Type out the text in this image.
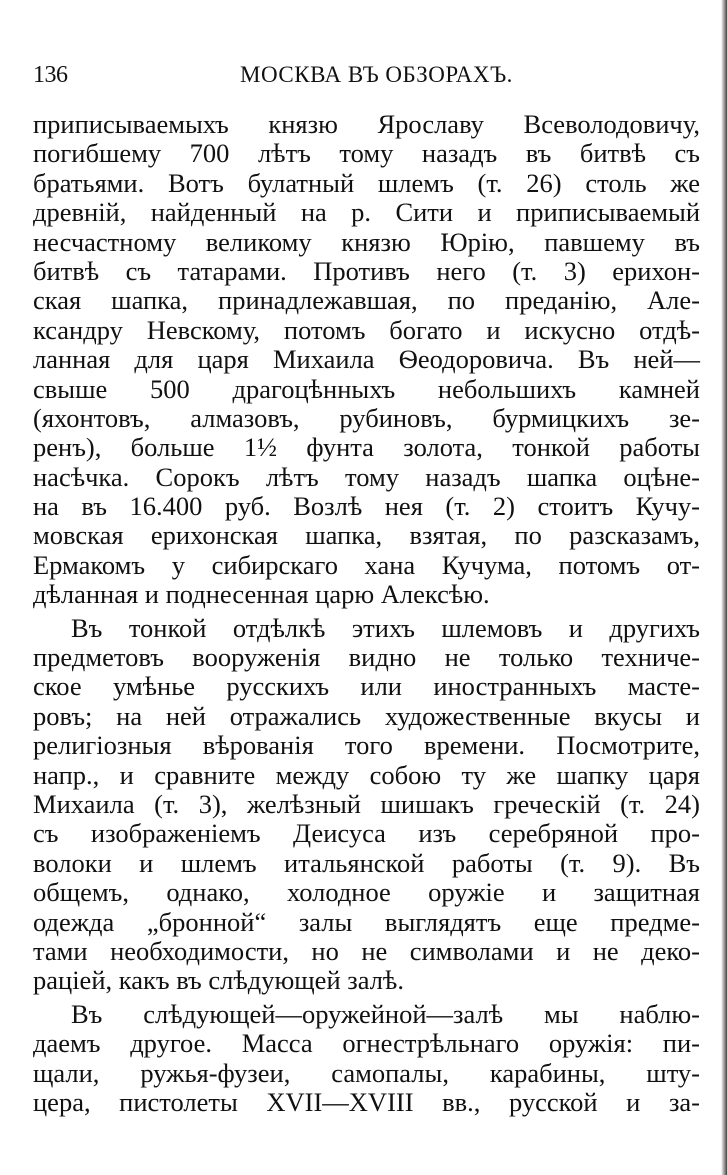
136	МОСКВА ВЪ ОБЗОРАХЪ.
приписываемыхъ князю Ярославу Всеволодовичу,
погибшему 700 лѣтъ тому назадъ въ битвѣ съ
братьями. Вотъ булатный шлемъ (т. 26) столь же
древній, найденный на р. Сити и приписываемый
несчастному великому князю Юрію, павшему въ
битвѣ съ татарами. Противъ него (т. 3) ерихон-
ская шапка, принадлежавшая, по преданію, Але-
ксандру Невскому, потомъ богато и искусно отдѣ-
ланная для царя Михаила Ѳеодоровича. Въ ней—
свыше 500 драгоцѣнныхъ небольшихъ камней
(яхонтовъ, алмазовъ, рубиновъ, бурмицкихъ зе-
ренъ), больше 1½ фунта золота, тонкой работы
насѣчка. Сорокъ лѣтъ тому назадъ шапка оцѣне-
на въ 16.400 руб. Возлѣ нея (т. 2) стоитъ Кучу-
мовская ерихонская шапка, взятая, по разсказамъ,
Ермакомъ у сибирскаго хана Кучума, потомъ от-
дѣланная и поднесенная царю Алексѣю.
Въ тонкой отдѣлкѣ этихъ шлемовъ и другихъ
предметовъ вооруженія видно не только техниче-
ское умѣнье русскихъ или иностранныхъ масте-
ровъ; на ней отражались художественные вкусы и
религіозныя вѣрованія того времени. Посмотрите,
напр., и сравните между собою ту же шапку царя
Михаила (т. 3), желѣзный шишакъ греческій (т. 24)
съ изображеніемъ Деисуса изъ серебряной про-
волоки и шлемъ итальянской работы (т. 9). Въ
общемъ, однако, холодное оружіе и защитная
одежда „бронной“ залы выглядятъ еще предме-
тами необходимости, но не символами и не деко-
раціей, какъ въ слѣдующей залѣ.
Въ слѣдующей—оружейной—залѣ мы наблю-
даемъ другое. Масса огнестрѣльнаго оружія: пи-
щали, ружья-фузеи, самопалы, карабины, шту-
цера, пистолеты XVII—XVIII вв., русской и за-
